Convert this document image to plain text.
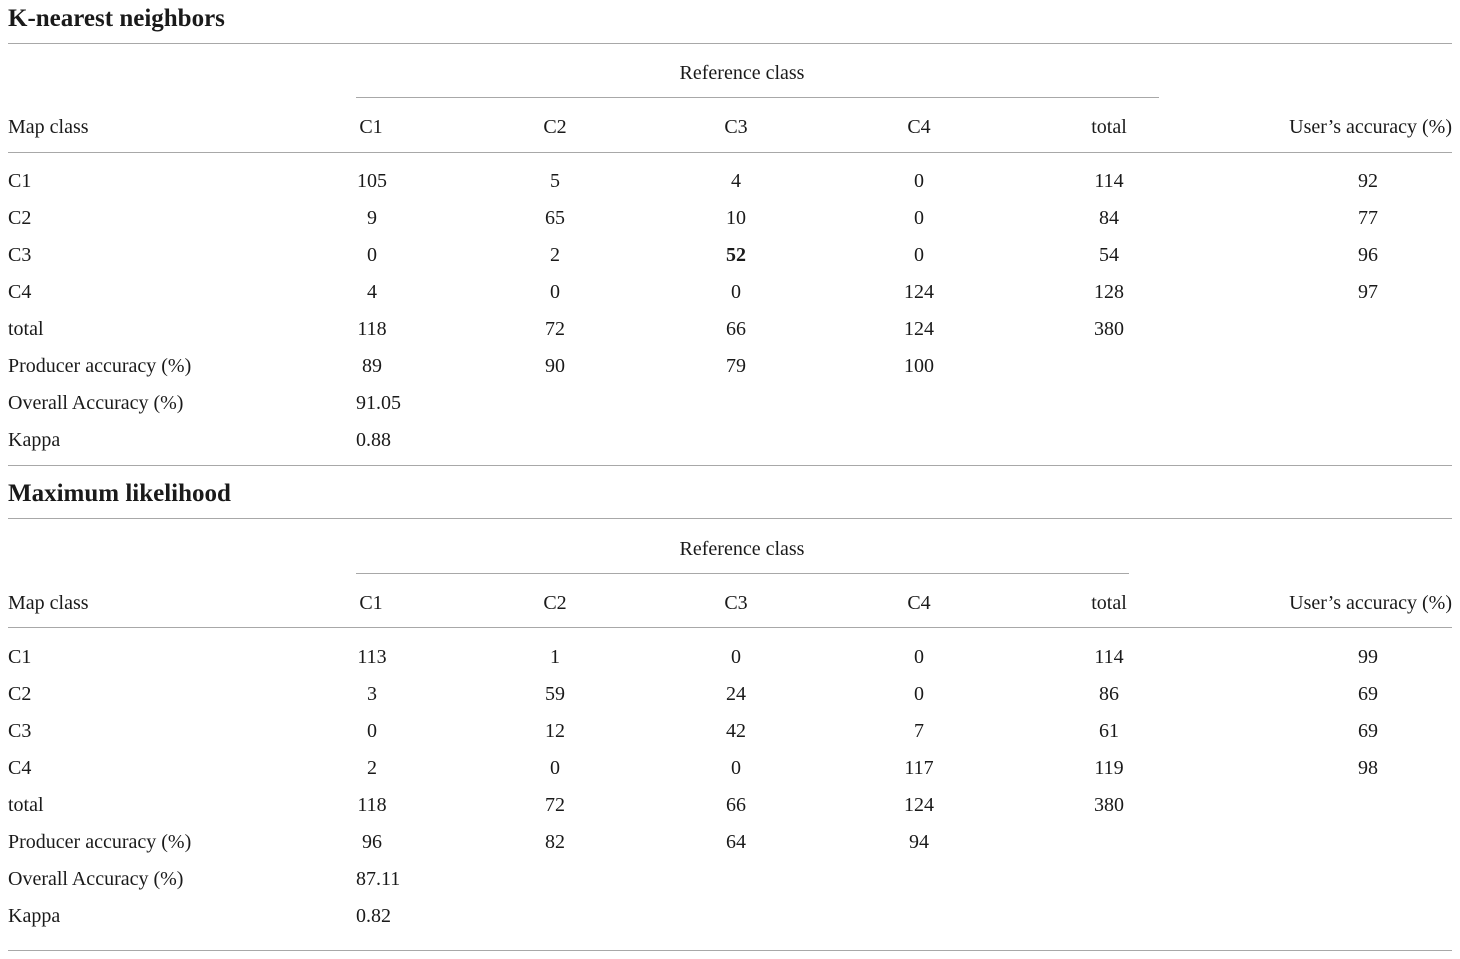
K-nearest neighbors
Reference class
Map class	C1	C2	C3	C4	total	User’s accuracy (%)
C1	105	5	4	0	114	92
C2	9	65	10	0	84	77
C3	0	2	52	0	54	96
C4	4	0	0	124	128	97
total	118	72	66	124	380
Producer accuracy (%)	89	90	79	100
Overall Accuracy (%)	91.05
Kappa	0.88
Maximum likelihood
Reference class
Map class	C1	C2	C3	C4	total	User’s accuracy (%)
C1	113	1	0	0	114	99
C2	3	59	24	0	86	69
C3	0	12	42	7	61	69
C4	2	0	0	117	119	98
total	118	72	66	124	380
Producer accuracy (%)	96	82	64	94
Overall Accuracy (%)	87.11
Kappa	0.82
